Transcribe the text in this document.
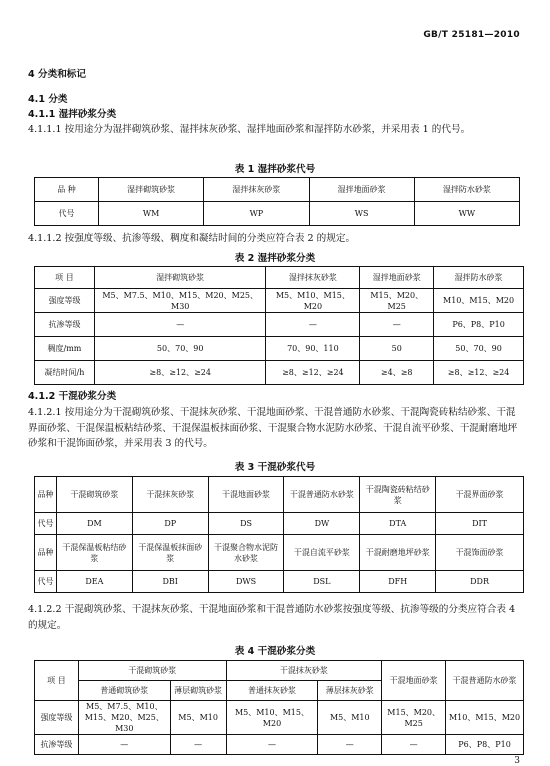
GB/T 25181—2010
4 分类和标记
4.1 分类
4.1.1 湿拌砂浆分类
4.1.1.1 按用途分为湿拌砌筑砂浆、湿拌抹灰砂浆、湿拌地面砂浆和湿拌防水砂浆，并采用表 1 的代号。
表 1 湿拌砂浆代号
品 种	湿拌砌筑砂浆	湿拌抹灰砂浆	湿拌地面砂浆	湿拌防水砂浆
代号	WM	WP	WS	WW
4.1.1.2 按强度等级、抗渗等级、稠度和凝结时间的分类应符合表 2 的规定。
表 2 湿拌砂浆分类
项 目	湿拌砌筑砂浆	湿拌抹灰砂浆	湿拌地面砂浆	湿拌防水砂浆
强度等级	M5、M7.5、M10、M15、M20、M25、M30	M5、M10、M15、M20	M15、M20、M25	M10、M15、M20
抗渗等级	—	—	—	P6、P8、P10
稠度/mm	50、70、90	70、90、110	50	50、70、90
凝结时间/h	≥8、≥12、≥24	≥8、≥12、≥24	≥4、≥8	≥8、≥12、≥24
4.1.2 干混砂浆分类
4.1.2.1 按用途分为干混砌筑砂浆、干混抹灰砂浆、干混地面砂浆、干混普通防水砂浆、干混陶瓷砖粘结砂浆、干混界面砂浆、干混保温板粘结砂浆、干混保温板抹面砂浆、干混聚合物水泥防水砂浆、干混自流平砂浆、干混耐磨地坪砂浆和干混饰面砂浆，并采用表 3 的代号。
表 3 干混砂浆代号
品种	干混砌筑砂浆	干混抹灰砂浆	干混地面砂浆	干混普通防水砂浆	干混陶瓷砖粘结砂浆	干混界面砂浆
代号	DM	DP	DS	DW	DTA	DIT
品种	干混保温板粘结砂浆	干混保温板抹面砂浆	干混聚合物水泥防水砂浆	干混自流平砂浆	干混耐磨地坪砂浆	干混饰面砂浆
代号	DEA	DBI	DWS	DSL	DFH	DDR
4.1.2.2 干混砌筑砂浆、干混抹灰砂浆、干混地面砂浆和干混普通防水砂浆按强度等级、抗渗等级的分类应符合表 4 的规定。
表 4 干混砂浆分类
项 目	干混砌筑砂浆		干混抹灰砂浆		干混地面砂浆	干混普通防水砂浆
	普通砌筑砂浆	薄层砌筑砂浆	普通抹灰砂浆	薄层抹灰砂浆		
强度等级	M5、M7.5、M10、M15、M20、M25、M30	M5、M10	M5、M10、M15、M20	M5、M10	M15、M20、M25	M10、M15、M20
抗渗等级	—	—	—	—	—	P6、P8、P10
3
